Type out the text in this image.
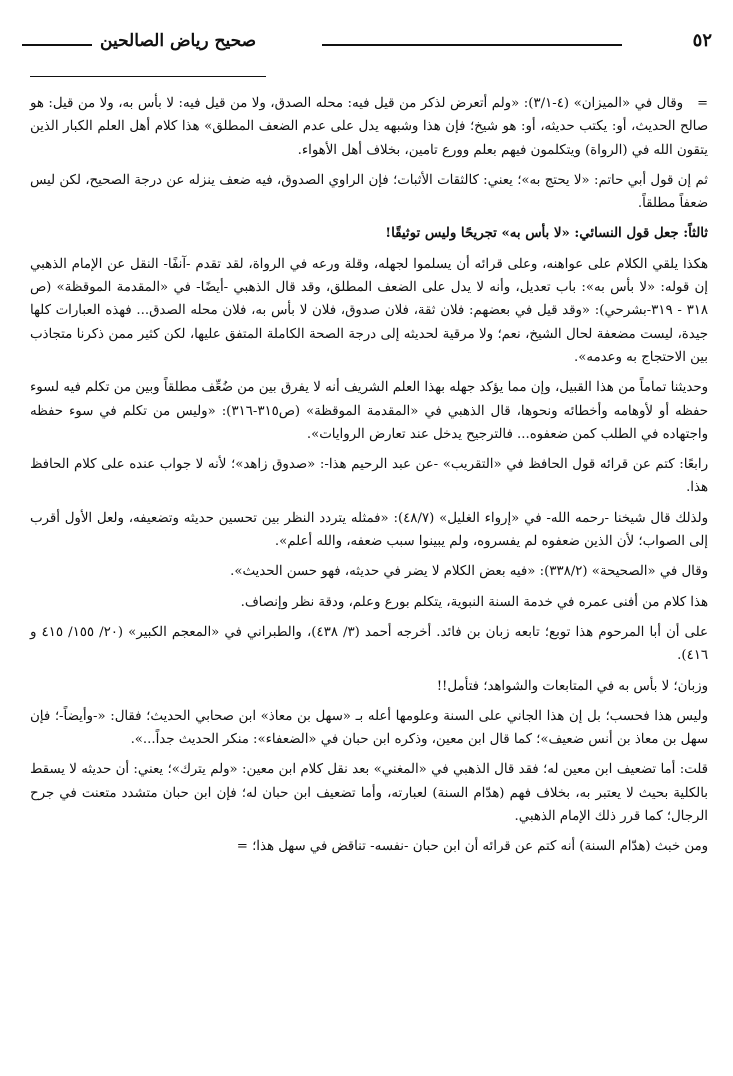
صحيح رياض الصالحين	٥٢

=وقال في «الميزان» (٤-٣/١): «ولم أتعرض لذكر من قيل فيه: محله الصدق، ولا من قيل فيه: لا بأس به، ولا من قيل: هو صالح الحديث، أو: يكتب حديثه، أو: هو شيخ؛ فإن هذا وشبهه يدل على عدم الضعف المطلق» هذا كلام أهل العلم الكبار الذين يتقون الله في (الرواة) ويتكلمون فيهم بعلم وورع تامين، بخلاف أهل الأهواء.

ثم إن قول أبي حاتم: «لا يحتج به»؛ يعني: كالثقات الأثبات؛ فإن الراوي الصدوق، فيه ضعف ينزله عن درجة الصحيح، لكن ليس ضعفاً مطلقاً.

ثالثاً: جعل قول النسائي: «لا بأس به» تجريحًا وليس توثيقًا!

هكذا يلقي الكلام على عواهنه، وعلى قرائه أن يسلموا لجهله، وقلة ورعه في الرواة، لقد تقدم -آنفًا- النقل عن الإمام الذهبي إن قوله: «لا بأس به»: باب تعديل، وأنه لا يدل على الضعف المطلق، وقد قال الذهبي -أيضًا- في «المقدمة الموقظة» (ص ٣١٨ - ٣١٩-بشرحي): «وقد قيل في بعضهم: فلان ثقة، فلان صدوق، فلان لا بأس به، فلان محله الصدق... فهذه العبارات كلها جيدة، ليست مضعفة لحال الشيخ، نعم؛ ولا مرقية لحديثه إلى درجة الصحة الكاملة المتفق عليها، لكن كثير ممن ذكرنا متجاذب بين الاحتجاج به وعدمه».

وحديثنا تماماً من هذا القبيل، وإن مما يؤكد جهله بهذا العلم الشريف أنه لا يفرق بين من ضُعِّف مطلقاً وبين من تكلم فيه لسوء حفظه أو لأوهامه وأخطائه ونحوها، قال الذهبي في «المقدمة الموقظة» (ص٣١٥-٣١٦): «وليس من تكلم في سوء حفظه واجتهاده في الطلب كمن ضعفوه... فالترجيح يدخل عند تعارض الروايات».

رابعًا: كتم عن قرائه قول الحافظ في «التقريب» -عن عبد الرحيم هذا-: «صدوق زاهد»؛ لأنه لا جواب عنده على كلام الحافظ هذا.

ولذلك قال شيخنا -رحمه الله- في «إرواء الغليل» (٤٨/٧): «فمثله يتردد النظر بين تحسين حديثه وتضعيفه، ولعل الأول أقرب إلى الصواب؛ لأن الذين ضعفوه لم يفسروه، ولم يبينوا سبب ضعفه، والله أعلم».

وقال في «الصحيحة» (٣٣٨/٢): «فيه بعض الكلام لا يضر في حديثه، فهو حسن الحديث».

هذا كلام من أفنى عمره في خدمة السنة النبوية، يتكلم بورع وعلم، ودقة نظر وإنصاف.

على أن أبا المرحوم هذا توبع؛ تابعه زبان بن فائد. أخرجه أحمد (٣/ ٤٣٨)، والطبراني في «المعجم الكبير» (٢٠/ ١٥٥/ ٤١٥ و ٤١٦).

وزبان؛ لا بأس به في المتابعات والشواهد؛ فتأمل!!

وليس هذا فحسب؛ بل إن هذا الجاني على السنة وعلومها أعله بـ «سهل بن معاذ» ابن صحابي الحديث؛ فقال: «-وأيضاً-؛ فإن سهل بن معاذ بن أنس ضعيف»؛ كما قال ابن معين، وذكره ابن حبان في «الضعفاء»: منكر الحديث جداً...».

قلت: أما تضعيف ابن معين له؛ فقد قال الذهبي في «المغني» بعد نقل كلام ابن معين: «ولم يترك»؛ يعني: أن حديثه لا يسقط بالكلية بحيث لا يعتبر به، بخلاف فهم (هدّام السنة) لعبارته، وأما تضعيف ابن حبان له؛ فإن ابن حبان متشدد متعنت في جرح الرجال؛ كما قرر ذلك الإمام الذهبي.

ومن خبث (هدّام السنة) أنه كتم عن قرائه أن ابن حبان -نفسه- تناقض في سهل هذا؛ =
